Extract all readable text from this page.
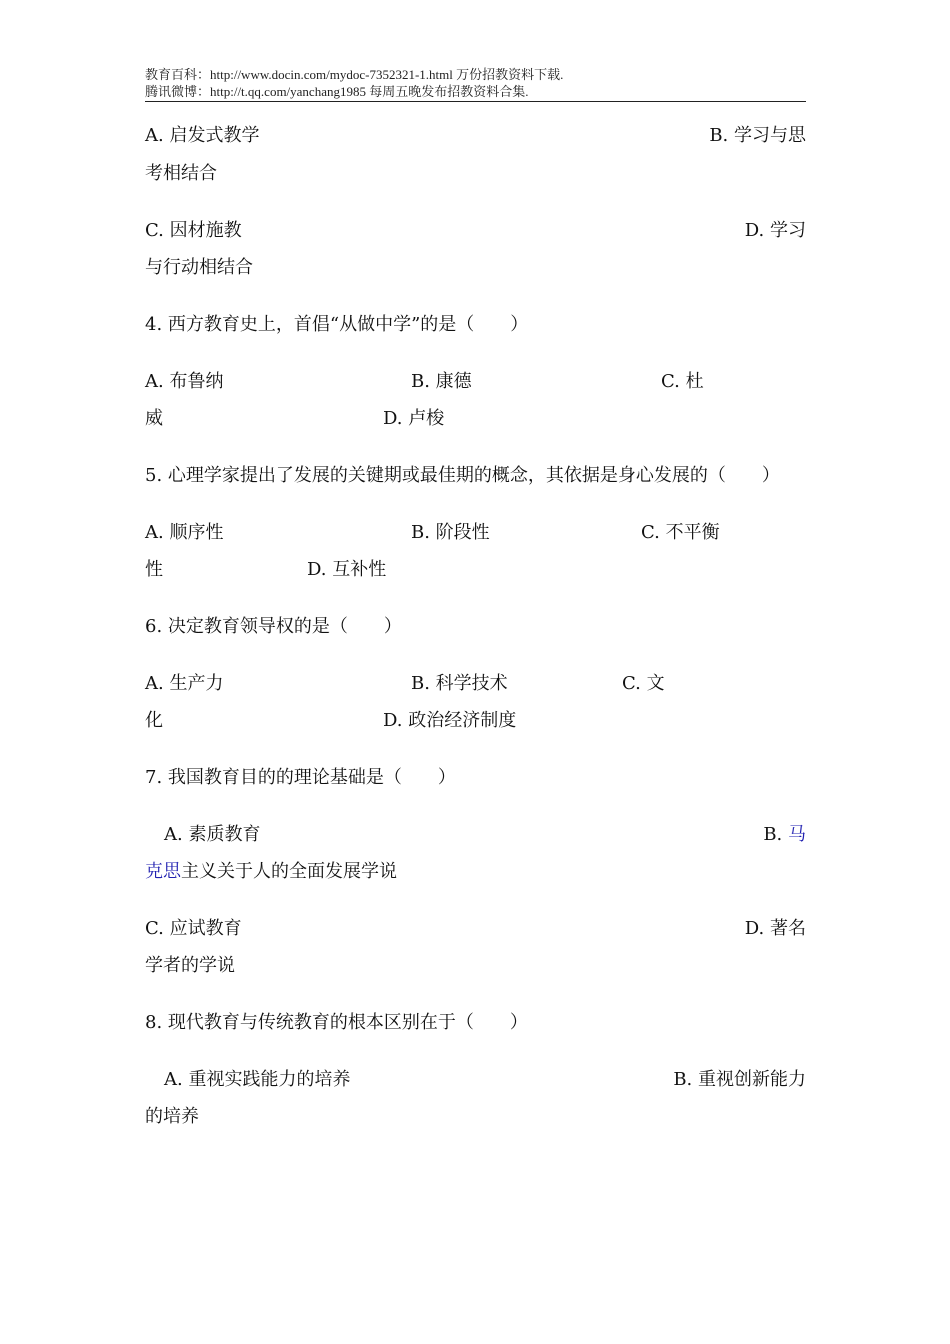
教育百科：http://www.docin.com/mydoc-7352321-1.html 万份招教资料下载.
腾讯微博：http://t.qq.com/yanchang1985 每周五晚发布招教资料合集.
A. 启发式教学	B. 学习与思
考相结合
C. 因材施教	D. 学习
与行动相结合
4. 西方教育史上，首倡“从做中学”的是（　　）
A. 布鲁纳	B. 康德	C. 杜
威	D. 卢梭
5. 心理学家提出了发展的关键期或最佳期的概念，其依据是身心发展的（　　）
A. 顺序性	B. 阶段性	C. 不平衡
性	D. 互补性
6. 决定教育领导权的是（　　）
A. 生产力	B. 科学技术	C. 文
化	D. 政治经济制度
7. 我国教育目的的理论基础是（　　）
A. 素质教育	B. 马
克思主义关于人的全面发展学说
C. 应试教育	D. 著名
学者的学说
8. 现代教育与传统教育的根本区别在于（　　）
A. 重视实践能力的培养	B. 重视创新能力
的培养
